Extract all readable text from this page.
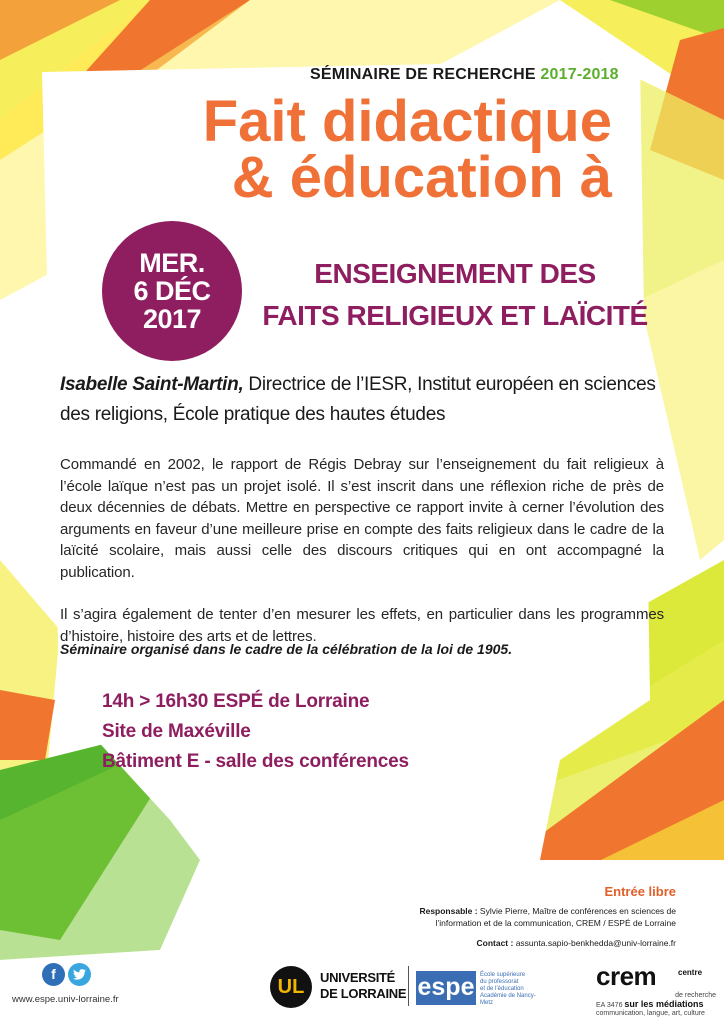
SÉMINAIRE DE RECHERCHE 2017-2018
Fait didactique
& éducation à
MER.
6 DÉC
2017
ENSEIGNEMENT DES
FAITS RELIGIEUX ET LAÏCITÉ
Isabelle Saint-Martin, Directrice de l’IESR, Institut européen en sciences des religions, École pratique des hautes études

Commandé en 2002, le rapport de Régis Debray sur l’enseignement du fait religieux à l’école laïque n’est pas un projet isolé. Il s’est inscrit dans une réflexion riche de près de deux décennies de débats. Mettre en perspective ce rapport invite à cerner l’évolution des arguments en faveur d’une meilleure prise en compte des faits religieux dans le cadre de la laïcité scolaire, mais aussi celle des discours critiques qui en ont accompagné la publication.

Il s’agira également de tenter d’en mesurer les effets, en particulier dans les programmes d’histoire, histoire des arts et de lettres.

Séminaire organisé dans le cadre de la célébration de la loi de 1905.
14h > 16h30 ESPÉ de Lorraine
Site de Maxéville
Bâtiment E - salle des conférences
Entrée libre
Responsable : Sylvie Pierre, Maître de conférences en sciences de l’information et de la communication, CREM / ESPÉ de Lorraine
Contact : assunta.sapio-benkhedda@univ-lorraine.fr
f
www.espe.univ-lorraine.fr
UL	UNIVERSITÉ
DE LORRAINE espe École supérieure
du professorat
et de l’éducation
Académie de Nancy-Metz
crem	centre
de recherche
EA 3476 sur les médiations
communication, langue, art, culture
